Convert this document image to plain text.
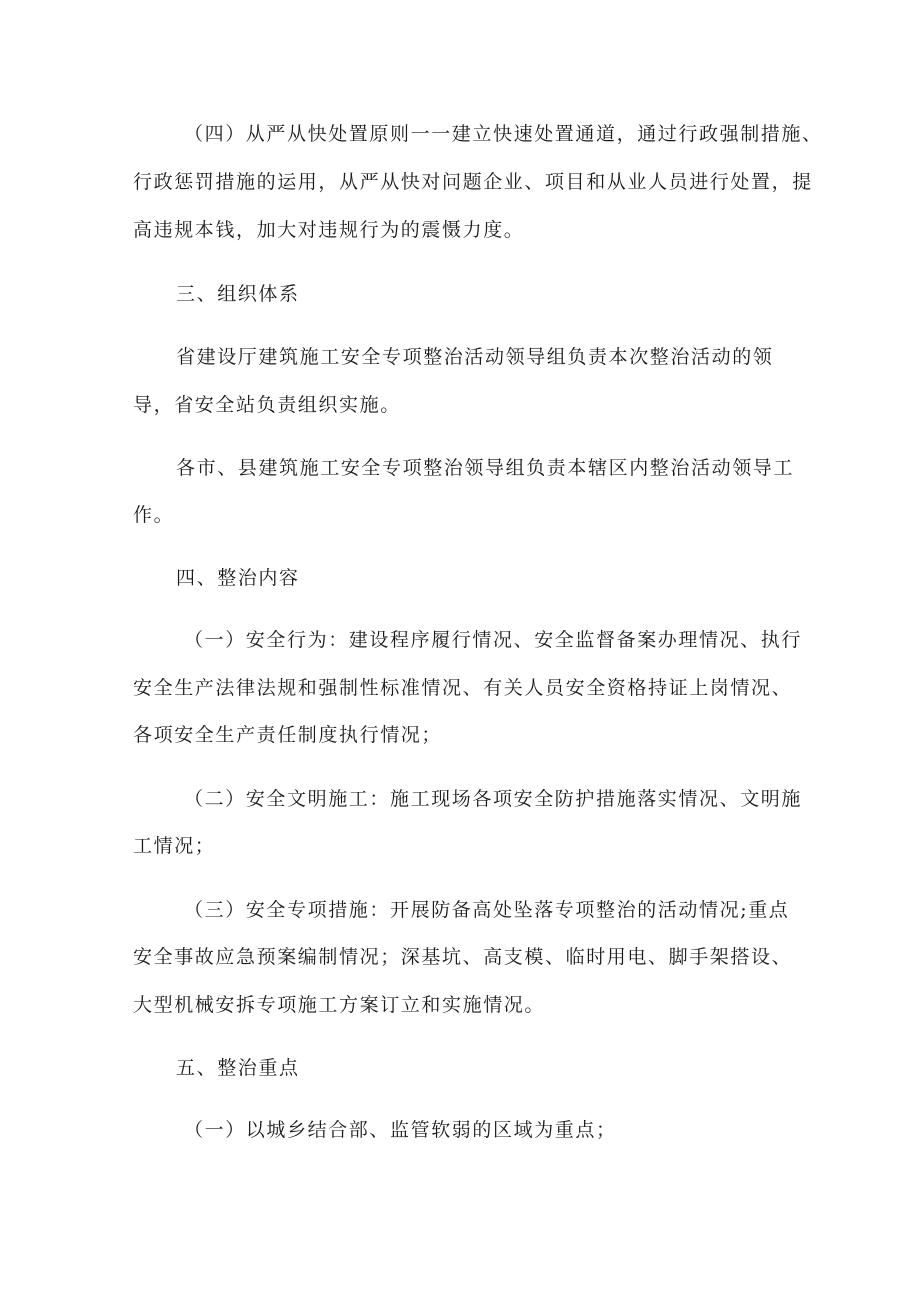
（四）从严从快处置原则一一建立快速处置通道，通过行政强制措施、

行政惩罚措施的运用，从严从快对问题企业、项目和从业人员进行处置，提

高违规本钱，加大对违规行为的震慑力度。

三、组织体系

省建设厅建筑施工安全专项整治活动领导组负责本次整治活动的领

导，省安全站负责组织实施。

各市、县建筑施工安全专项整治领导组负责本辖区内整治活动领导工

作。

四、整治内容

（一）安全行为：建设程序履行情况、安全监督备案办理情况、执行

安全生产法律法规和强制性标准情况、有关人员安全资格持证上岗情况、

各项安全生产责任制度执行情况；

（二）安全文明施工：施工现场各项安全防护措施落实情况、文明施

工情况；

（三）安全专项措施：开展防备高处坠落专项整治的活动情况;重点

安全事故应急预案编制情况；深基坑、高支模、临时用电、脚手架搭设、

大型机械安拆专项施工方案订立和实施情况。

五、整治重点

（一）以城乡结合部、监管软弱的区域为重点；
